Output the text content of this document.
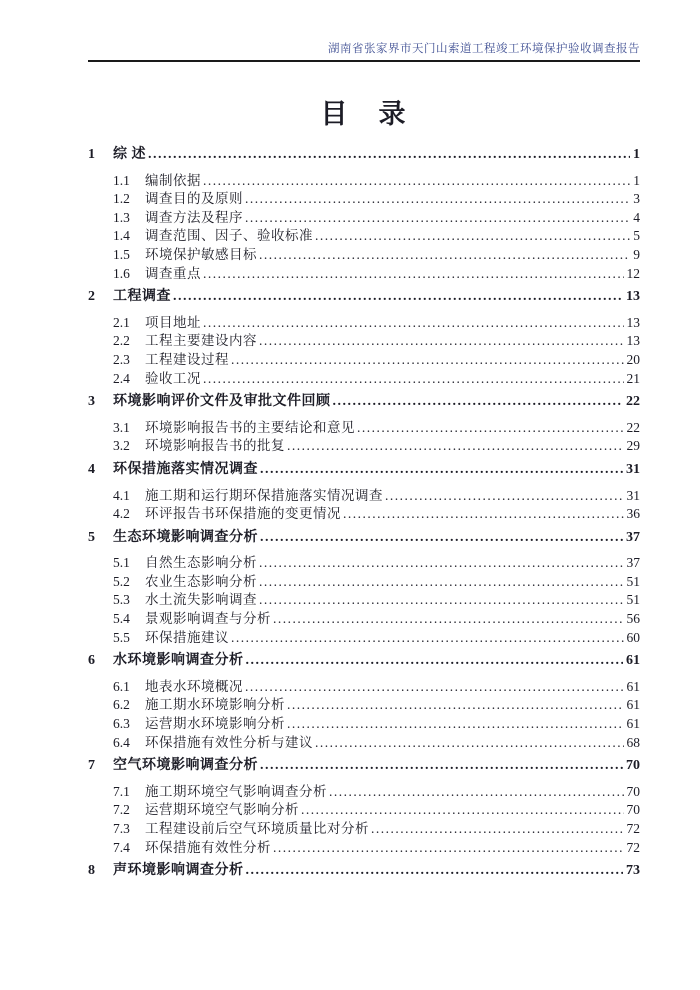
湖南省张家界市天门山索道工程竣工环境保护验收调查报告
目　录
1	综 述 .....	1
1.1	编制依据 .....	1
1.2	调查目的及原则 .....	3
1.3	调查方法及程序 .....	4
1.4	调查范围、因子、验收标准 .....	5
1.5	环境保护敏感目标 .....	9
1.6	调查重点 .....	12
2	工程调查 .....	13
2.1	项目地址 .....	13
2.2	工程主要建设内容 .....	13
2.3	工程建设过程 .....	20
2.4	验收工况 .....	21
3	环境影响评价文件及审批文件回顾 .....	22
3.1	环境影响报告书的主要结论和意见 .....	22
3.2	环境影响报告书的批复 .....	29
4	环保措施落实情况调查 .....	31
4.1	施工期和运行期环保措施落实情况调查 .....	31
4.2	环评报告书环保措施的变更情况 .....	36
5	生态环境影响调查分析 .....	37
5.1	自然生态影响分析 .....	37
5.2	农业生态影响分析 .....	51
5.3	水土流失影响调查 .....	51
5.4	景观影响调查与分析 .....	56
5.5	环保措施建议 .....	60
6	水环境影响调查分析 .....	61
6.1	地表水环境概况 .....	61
6.2	施工期水环境影响分析 .....	61
6.3	运营期水环境影响分析 .....	61
6.4	环保措施有效性分析与建议 .....	68
7	空气环境影响调查分析 .....	70
7.1	施工期环境空气影响调查分析 .....	70
7.2	运营期环境空气影响分析 .....	70
7.3	工程建设前后空气环境质量比对分析 .....	72
7.4	环保措施有效性分析 .....	72
8	声环境影响调查分析 .....	73
